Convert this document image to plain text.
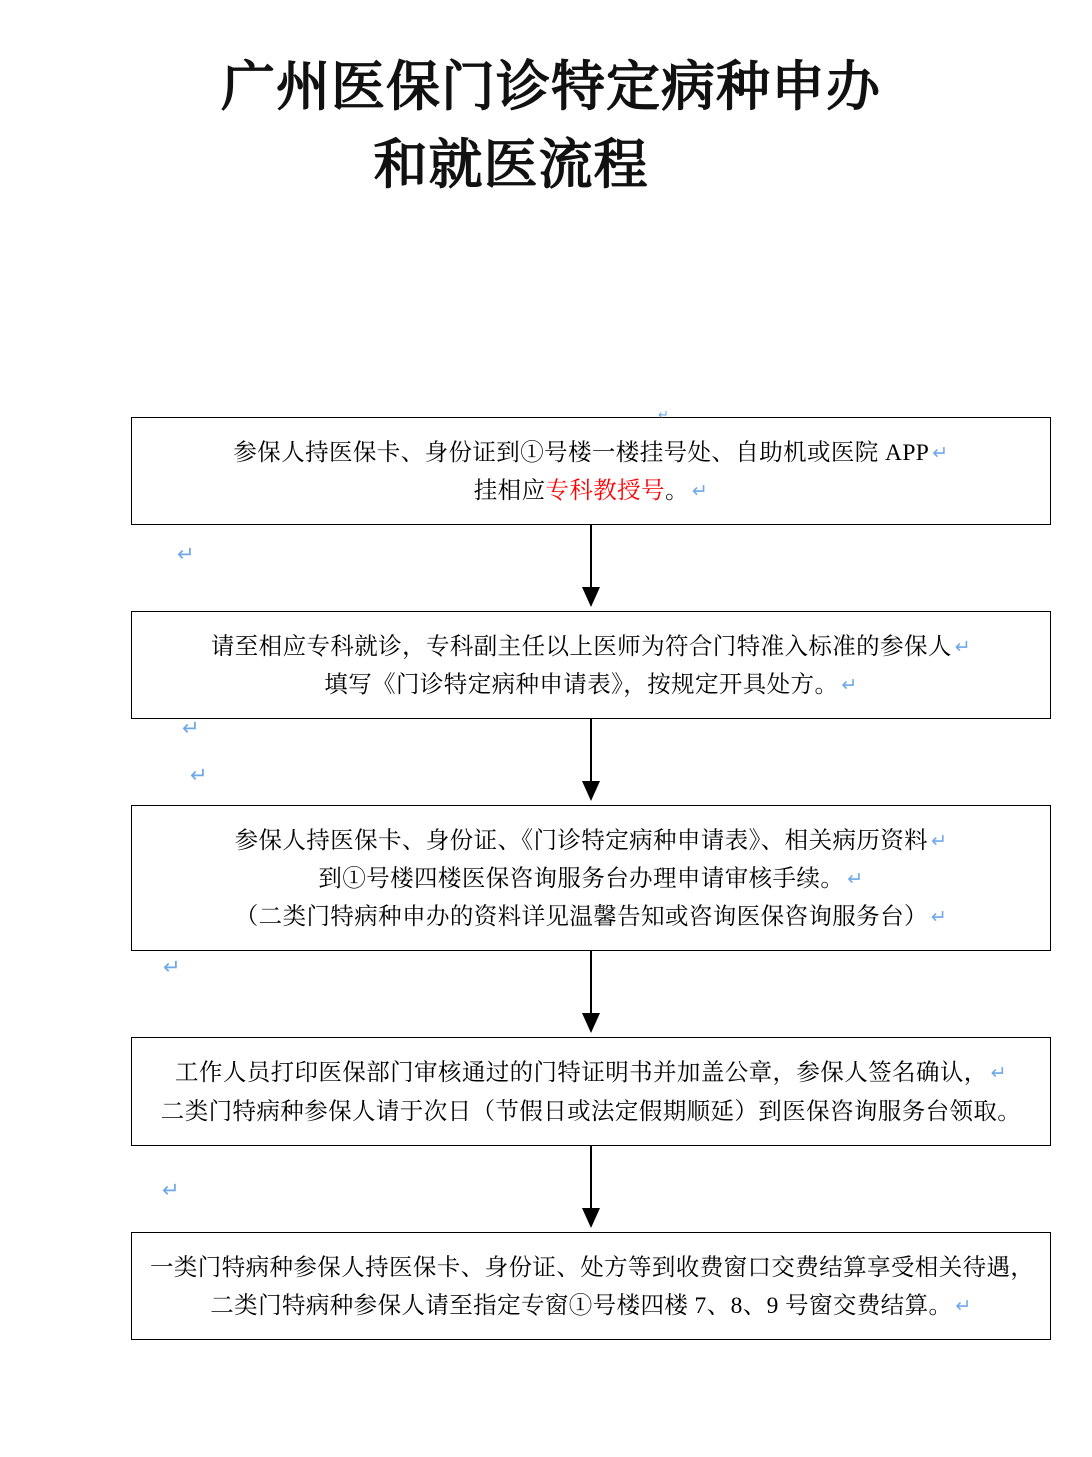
广州医保门诊特定病种申办
和就医流程

参保人持医保卡、身份证到①号楼一楼挂号处、自助机或医院 APP ↵

挂相应专科教授号。 ↵

请至相应专科就诊，专科副主任以上医师为符合门特准入标准的参保人 ↵

填写《门诊特定病种申请表》，按规定开具处方。 ↵

参保人持医保卡、身份证、《门诊特定病种申请表》、相关病历资料 ↵

到①号楼四楼医保咨询服务台办理申请审核手续。 ↵

（二类门特病种申办的资料详见温馨告知或咨询医保咨询服务台） ↵

工作人员打印医保部门审核通过的门特证明书并加盖公章，参保人签名确认， ↵

二类门特病种参保人请于次日（节假日或法定假期顺延）到医保咨询服务台领取。

一类门特病种参保人持医保卡、身份证、处方等到收费窗口交费结算享受相关待遇，

二类门特病种参保人请至指定专窗①号楼四楼 7、8、9 号窗交费结算。 ↵

↵
↵
↵
↵
↵
↵
